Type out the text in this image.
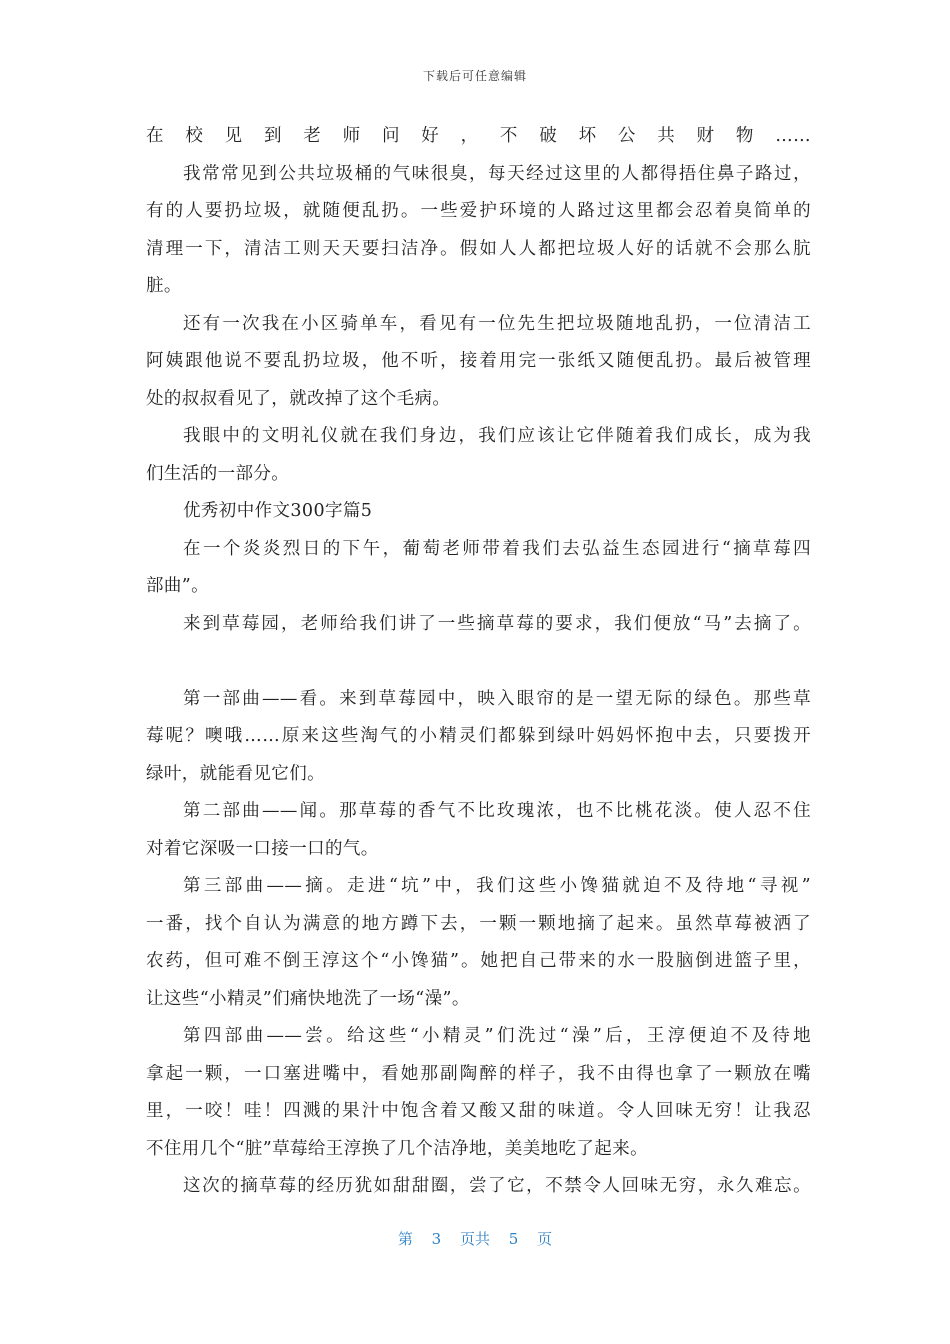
下载后可任意编辑
在校见到老师问好，不破坏公共财物……
我常常见到公共垃圾桶的气味很臭，每天经过这里的人都得捂住鼻子路过，
有的人要扔垃圾，就随便乱扔。一些爱护环境的人路过这里都会忍着臭简单的
清理一下，清洁工则天天要扫洁净。假如人人都把垃圾人好的话就不会那么肮
脏。
还有一次我在小区骑单车，看见有一位先生把垃圾随地乱扔，一位清洁工
阿姨跟他说不要乱扔垃圾，他不听，接着用完一张纸又随便乱扔。最后被管理
处的叔叔看见了，就改掉了这个毛病。
我眼中的文明礼仪就在我们身边，我们应该让它伴随着我们成长，成为我
们生活的一部分。
优秀初中作文300字篇5
在一个炎炎烈日的下午，葡萄老师带着我们去弘益生态园进行“摘草莓四
部曲”。
来到草莓园，老师给我们讲了一些摘草莓的要求，我们便放“马”去摘了。
第一部曲——看。来到草莓园中，映入眼帘的是一望无际的绿色。那些草
莓呢？噢哦……原来这些淘气的小精灵们都躲到绿叶妈妈怀抱中去，只要拨开
绿叶，就能看见它们。
第二部曲——闻。那草莓的香气不比玫瑰浓，也不比桃花淡。使人忍不住
对着它深吸一口接一口的气。
第三部曲——摘。走进“坑”中，我们这些小馋猫就迫不及待地“寻视”
一番，找个自认为满意的地方蹲下去，一颗一颗地摘了起来。虽然草莓被洒了
农药，但可难不倒王淳这个“小馋猫”。她把自己带来的水一股脑倒进篮子里，
让这些“小精灵”们痛快地洗了一场“澡”。
第四部曲——尝。给这些“小精灵”们洗过“澡”后，王淳便迫不及待地
拿起一颗，一口塞进嘴中，看她那副陶醉的样子，我不由得也拿了一颗放在嘴
里，一咬！哇！四溅的果汁中饱含着又酸又甜的味道。令人回味无穷！让我忍
不住用几个“脏”草莓给王淳换了几个洁净地，美美地吃了起来。
这次的摘草莓的经历犹如甜甜圈，尝了它，不禁令人回味无穷，永久难忘。
第 3 页共 5 页
